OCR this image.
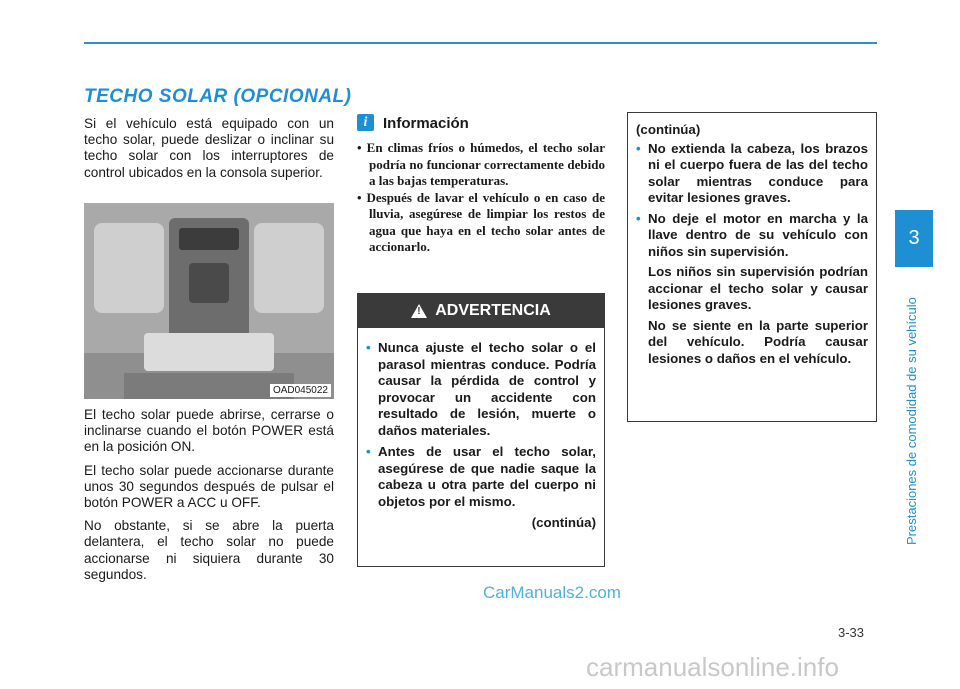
TECHO SOLAR (OPCIONAL)

Si el vehículo está equipado con un techo solar, puede deslizar o inclinar su techo solar con los interruptores de control ubicados en la consola superior.

OAD045022

El techo solar puede abrirse, cerrarse o inclinarse cuando el botón POWER está en la posición ON.

El techo solar puede accionarse durante unos 30 segundos después de pulsar el botón POWER a ACC u OFF.

No obstante, si se abre la puerta delantera, el techo solar no puede accionarse ni siquiera durante 30 segundos.

i	Información
• En climas fríos o húmedos, el techo solar podría no funcionar correctamente debido a las bajas temperaturas.
• Después de lavar el vehículo o en caso de lluvia, asegúrese de limpiar los restos de agua que haya en el techo solar antes de accionarlo.
! ADVERTENCIA
• Nunca ajuste el techo solar o el parasol mientras conduce. Podría causar la pérdida de control y provocar un accidente con resultado de lesión, muerte o daños materiales.
• Antes de usar el techo solar, asegúrese de que nadie saque la cabeza u otra parte del cuerpo ni objetos por el mismo.
(continúa)
(continúa)
• No extienda la cabeza, los brazos ni el cuerpo fuera de las del techo solar mientras conduce para evitar lesiones graves.
• No deje el motor en marcha y la llave dentro de su vehículo con niños sin supervisión.

Los niños sin supervisión podrían accionar el techo solar y causar lesiones graves.

No se siente en la parte superior del vehículo. Podría causar lesiones o daños en el vehículo.

3
Prestaciones de comodidad de su vehículo
3-33
CarManuals2.com
carmanualsonline.info
